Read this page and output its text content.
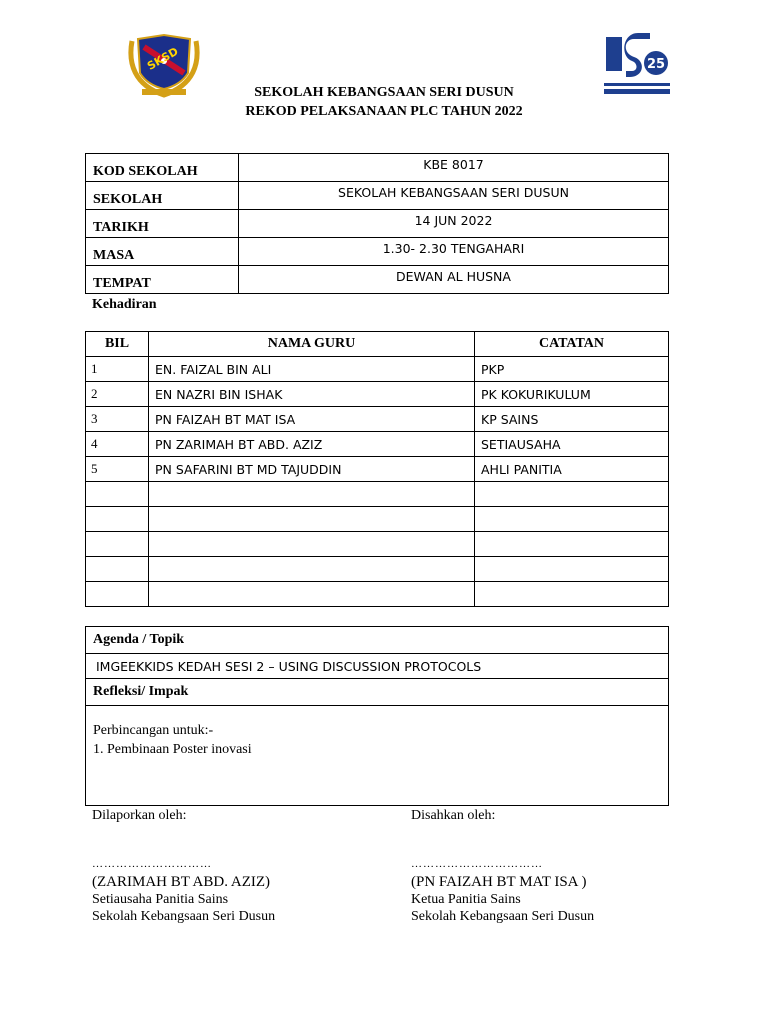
SKSD	25
SEKOLAH KEBANGSAAN SERI DUSUN
REKOD PELAKSANAAN PLC TAHUN 2022
KOD SEKOLAH	KBE 8017
SEKOLAH	SEKOLAH KEBANGSAAN SERI DUSUN
TARIKH	14 JUN 2022
MASA	1.30- 2.30 TENGAHARI
TEMPAT	DEWAN AL HUSNA
Kehadiran
BIL	NAMA GURU	CATATAN
1	EN. FAIZAL BIN ALI	PKP
2	EN NAZRI BIN ISHAK	PK KOKURIKULUM
3	PN FAIZAH BT MAT ISA	KP SAINS
4	PN ZARIMAH BT ABD. AZIZ	SETIAUSAHA
5	PN SAFARINI BT MD TAJUDDIN	AHLI PANITIA

Agenda / Topik
IMGEEKKIDS KEDAH SESI 2 – USING DISCUSSION PROTOCOLS
Refleksi/ Impak

Perbincangan untuk:-
1. Pembinaan Poster inovasi
Dilaporkan oleh:
…………………………
(ZARIMAH BT ABD. AZIZ)
Setiausaha Panitia Sains
Sekolah Kebangsaan Seri Dusun
Disahkan oleh:
……………………………
(PN FAIZAH BT MAT ISA )
Ketua Panitia Sains
Sekolah Kebangsaan Seri Dusun
